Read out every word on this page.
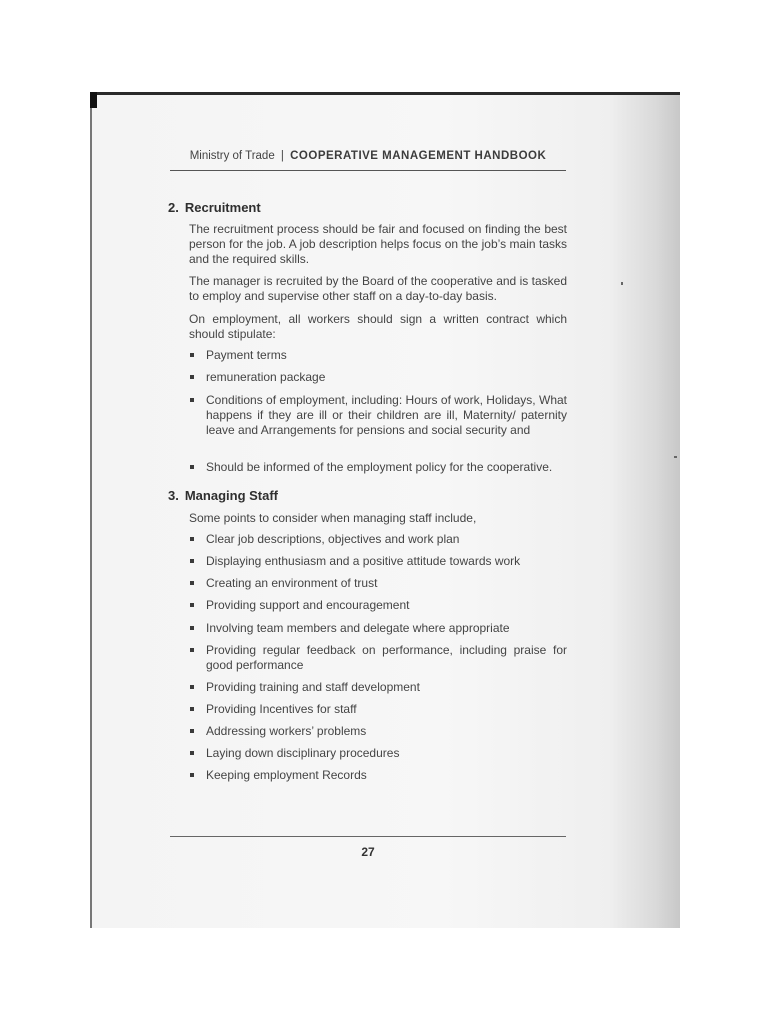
Ministry of Trade | COOPERATIVE MANAGEMENT HANDBOOK
2. Recruitment

The recruitment process should be fair and focused on finding the best person for the job. A job description helps focus on the job’s main tasks and the required skills.

The manager is recruited by the Board of the cooperative and is tasked to employ and supervise other staff on a day-to-day basis.

On employment, all workers should sign a written contract which should stipulate:

Payment terms
remuneration package
Conditions of employment, including: Hours of work, Holidays, What happens if they are ill or their children are ill, Maternity/ paternity leave and Arrangements for pensions and social security and
Should be informed of the employment policy for the cooperative.
3. Managing Staff

Some points to consider when managing staff include,

Clear job descriptions, objectives and work plan
Displaying enthusiasm and a positive attitude towards work
Creating an environment of trust
Providing support and encouragement
Involving team members and delegate where appropriate
Providing regular feedback on performance, including praise for good performance
Providing training and staff development
Providing Incentives for staff
Addressing workers’ problems
Laying down disciplinary procedures
Keeping employment Records
27
